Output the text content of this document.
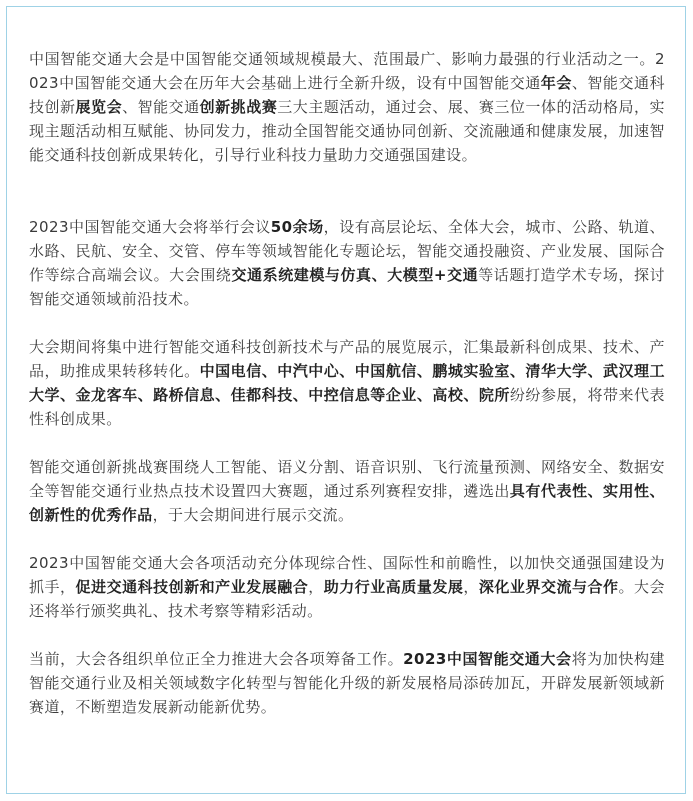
中国智能交通大会是中国智能交通领域规模最大、范围最广、影响力最强的行业活动之一。2023中国智能交通大会在历年大会基础上进行全新升级，设有中国智能交通年会、智能交通科技创新展览会、智能交通创新挑战赛三大主题活动，通过会、展、赛三位一体的活动格局，实现主题活动相互赋能、协同发力，推动全国智能交通协同创新、交流融通和健康发展，加速智能交通科技创新成果转化，引导行业科技力量助力交通强国建设。

2023中国智能交通大会将举行会议50余场，设有高层论坛、全体大会，城市、公路、轨道、水路、民航、安全、交管、停车等领域智能化专题论坛，智能交通投融资、产业发展、国际合作等综合高端会议。大会围绕交通系统建模与仿真、大模型+交通等话题打造学术专场，探讨智能交通领域前沿技术。

大会期间将集中进行智能交通科技创新技术与产品的展览展示，汇集最新科创成果、技术、产品，助推成果转移转化。中国电信、中汽中心、中国航信、鹏城实验室、清华大学、武汉理工大学、金龙客车、路桥信息、佳都科技、中控信息等企业、高校、院所纷纷参展，将带来代表性科创成果。

智能交通创新挑战赛围绕人工智能、语义分割、语音识别、飞行流量预测、网络安全、数据安全等智能交通行业热点技术设置四大赛题，通过系列赛程安排，遴选出具有代表性、实用性、创新性的优秀作品，于大会期间进行展示交流。

2023中国智能交通大会各项活动充分体现综合性、国际性和前瞻性，以加快交通强国建设为抓手，促进交通科技创新和产业发展融合，助力行业高质量发展，深化业界交流与合作。大会还将举行颁奖典礼、技术考察等精彩活动。

当前，大会各组织单位正全力推进大会各项筹备工作。2023中国智能交通大会将为加快构建智能交通行业及相关领域数字化转型与智能化升级的新发展格局添砖加瓦，开辟发展新领域新赛道，不断塑造发展新动能新优势。
